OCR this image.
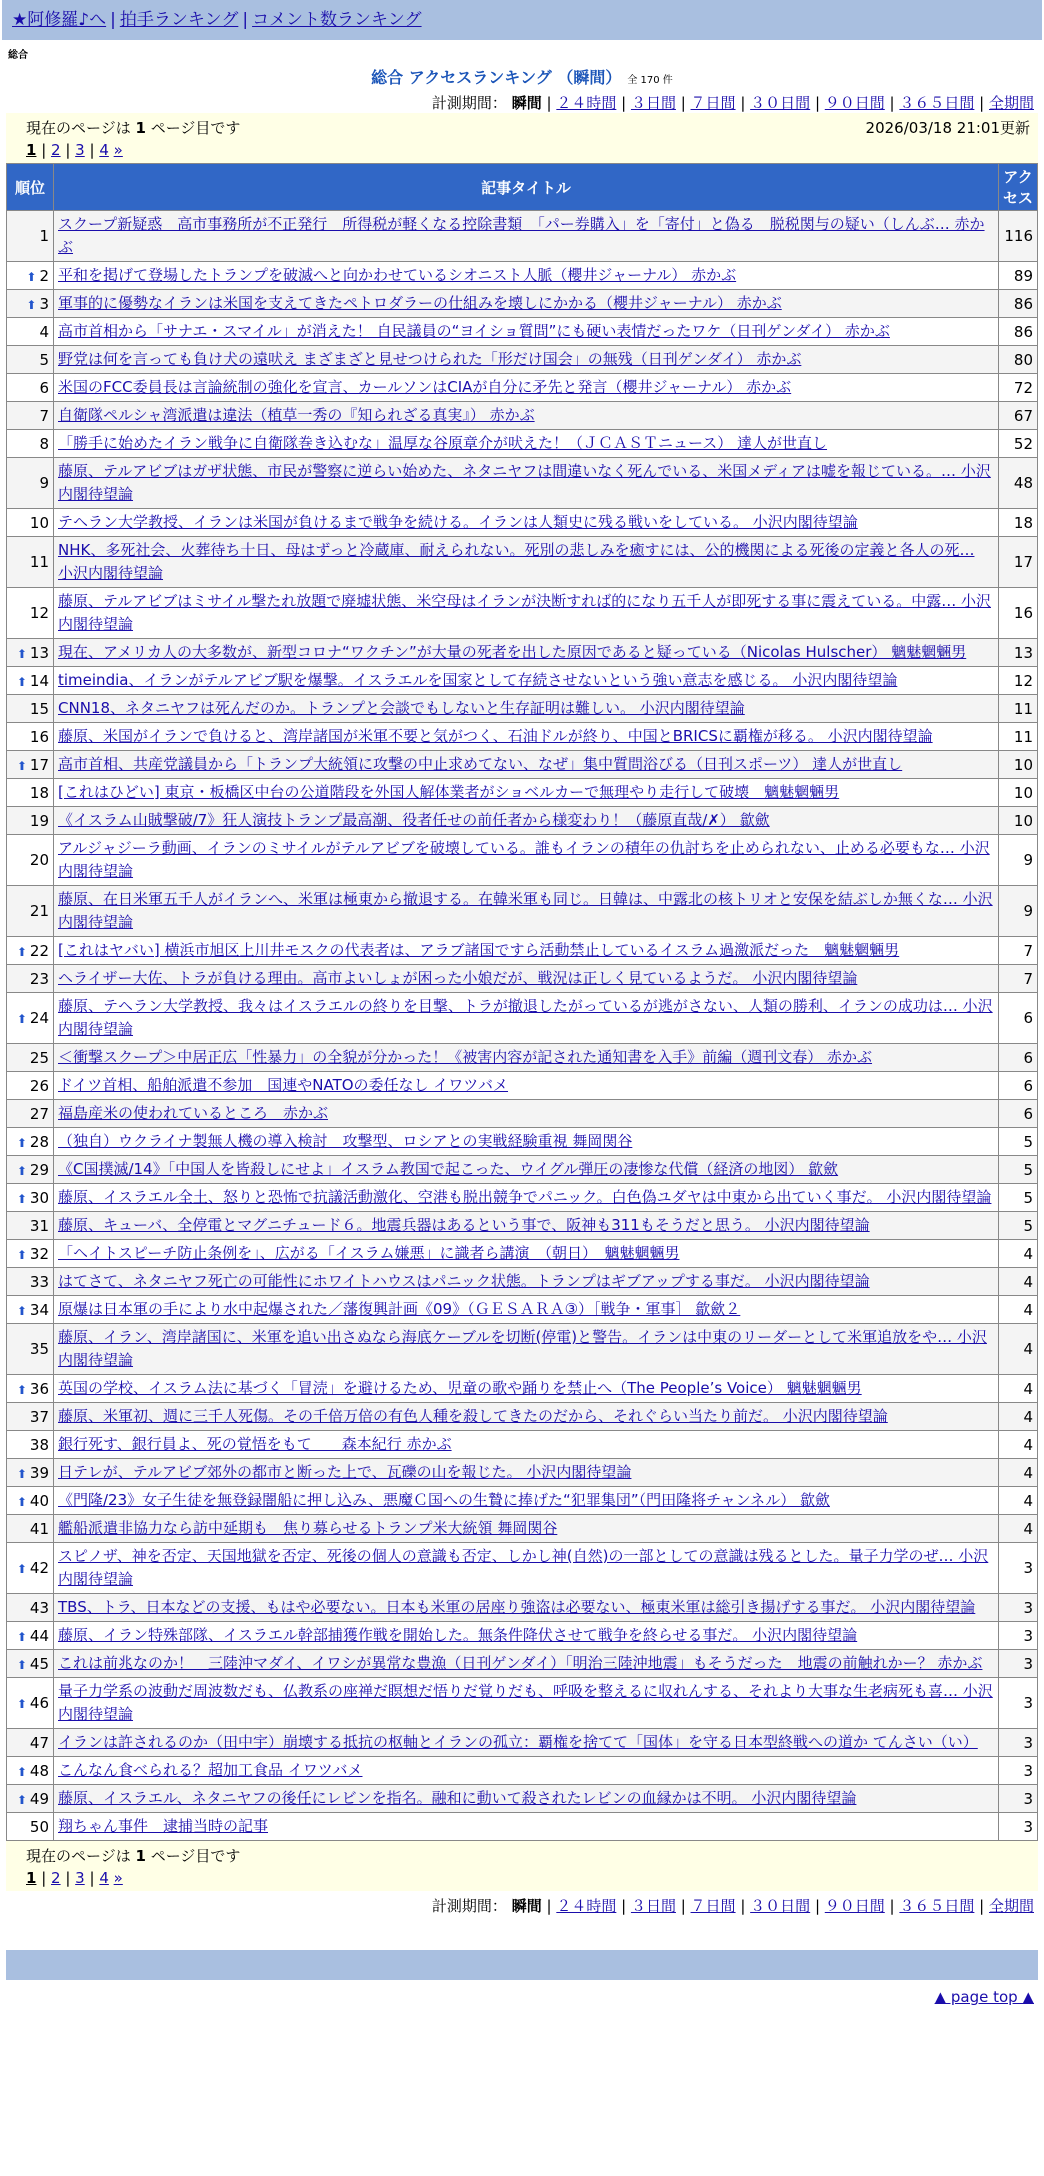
★阿修羅♪へ | 拍手ランキング | コメント数ランキング
総合
総合 アクセスランキング （瞬間） 全 170 件
計測期間： 瞬間 | ２４時間 | ３日間 | ７日間 | ３０日間 | ９０日間 | ３６５日間 | 全期間
現在のページは 1 ページ目です	2026/03/18 21:01更新
1 | 2 | 3 | 4 »
順位	記事タイトル	アクセス
1	スクープ新疑惑　高市事務所が不正発行　所得税が軽くなる控除書類　「パー券購入」を「寄付」と偽る　脱税関与の疑い（しんぶ… 赤かぶ	116
⬆ 2	平和を掲げて登場したトランプを破滅へと向かわせているシオニスト人脈（櫻井ジャーナル） 赤かぶ	89
⬆ 3	軍事的に優勢なイランは米国を支えてきたペトロダラーの仕組みを壊しにかかる（櫻井ジャーナル） 赤かぶ	86
4	高市首相から「サナエ・スマイル」が消えた！ 自民議員の“ヨイショ質問”にも硬い表情だったワケ（日刊ゲンダイ） 赤かぶ	86
5	野党は何を言っても負け犬の遠吠え まざまざと見せつけられた「形だけ国会」の無残（日刊ゲンダイ） 赤かぶ	80
6	米国のFCC委員長は言論統制の強化を宣言、カールソンはCIAが自分に矛先と発言（櫻井ジャーナル） 赤かぶ	72
7	自衛隊ペルシャ湾派遣は違法（植草一秀の『知られざる真実』） 赤かぶ	67
8	「勝手に始めたイラン戦争に自衛隊巻き込むな」温厚な谷原章介が吠えた！（ＪＣＡＳＴニュース） 達人が世直し	52
9	藤原、テルアビブはガザ状態、市民が警察に逆らい始めた、ネタニヤフは間違いなく死んでいる、米国メディアは嘘を報じている。… 小沢内閣待望論	48
10	テヘラン大学教授、イランは米国が負けるまで戦争を続ける。イランは人類史に残る戦いをしている。 小沢内閣待望論	18
11	NHK、多死社会、火葬待ち十日、母はずっと冷蔵庫、耐えられない。死別の悲しみを癒すには、公的機関による死後の定義と各人の死… 小沢内閣待望論	17
12	藤原、テルアビブはミサイル撃たれ放題で廃墟状態、米空母はイランが決断すれば的になり五千人が即死する事に震えている。中露… 小沢内閣待望論	16
⬆ 13	現在、アメリカ人の大多数が、新型コロナ“ワクチン”が大量の死者を出した原因であると疑っている（Nicolas Hulscher） 魑魅魍魎男	13
⬆ 14	timeindia、イランがテルアビブ駅を爆撃。イスラエルを国家として存続させないという強い意志を感じる。 小沢内閣待望論	12
15	CNN18、ネタニヤフは死んだのか。トランプと会談でもしないと生存証明は難しい。 小沢内閣待望論	11
16	藤原、米国がイランで負けると、湾岸諸国が米軍不要と気がつく、石油ドルが終り、中国とBRICSに覇権が移る。 小沢内閣待望論	11
⬆ 17	高市首相、共産党議員から「トランプ大統領に攻撃の中止求めてない、なぜ」集中質問浴びる（日刊スポーツ） 達人が世直し	10
18	[これはひどい] 東京・板橋区中台の公道階段を外国人解体業者がショベルカーで無理やり走行して破壊　魑魅魍魎男	10
19	《イスラム山賊撃破/7》狂人演技トランプ最高潮、役者任せの前任者から様変わり！（藤原直哉/✗） 歙歛	10
20	アルジャジーラ動画、イランのミサイルがテルアビブを破壊している。誰もイランの積年の仇討ちを止められない、止める必要もな… 小沢内閣待望論	9
21	藤原、在日米軍五千人がイランへ、米軍は極東から撤退する。在韓米軍も同じ。日韓は、中露北の核トリオと安保を結ぶしか無くな… 小沢内閣待望論	9
⬆ 22	[これはヤバい] 横浜市旭区上川井モスクの代表者は、アラブ諸国ですら活動禁止しているイスラム過激派だった　魑魅魍魎男	7
23	ヘライザー大佐、トラが負ける理由。高市よいしょが困った小娘だが、戦況は正しく見ているようだ。 小沢内閣待望論	7
⬆ 24	藤原、テヘラン大学教授、我々はイスラエルの終りを目撃、トラが撤退したがっているが逃がさない、人類の勝利、イランの成功は… 小沢内閣待望論	6
25	＜衝撃スクープ＞中居正広「性暴力」の全貌が分かった！《被害内容が記された通知書を入手》前編（週刊文春） 赤かぶ	6
26	ドイツ首相、船舶派遣不参加　国連やNATOの委任なし イワツバメ	6
27	福島産米の使われているところ　赤かぶ	6
⬆ 28	（独自）ウクライナ製無人機の導入検討　攻撃型、ロシアとの実戦経験重視 舞岡関谷	5
⬆ 29	《C国撲滅/14》「中国人を皆殺しにせよ」イスラム教国で起こった、ウイグル弾圧の凄惨な代償（経済の地図） 歙歛	5
⬆ 30	藤原、イスラエル全土、怒りと恐怖で抗議活動激化、空港も脱出競争でパニック。白色偽ユダヤは中東から出ていく事だ。 小沢内閣待望論	5
31	藤原、キューバ、全停電とマグニチュード６。地震兵器はあるという事で、阪神も311もそうだと思う。 小沢内閣待望論	5
⬆ 32	「ヘイトスピーチ防止条例を」、広がる「イスラム嫌悪」に識者ら講演　（朝日）　魑魅魍魎男	4
33	はてさて、ネタニヤフ死亡の可能性にホワイトハウスはパニック状態。トランプはギブアップする事だ。 小沢内閣待望論	4
⬆ 34	原爆は日本軍の手により水中起爆された／藩復興計画《09》（ＧＥＳＡＲＡ③）［戦争・軍事］ 歙歛２	4
35	藤原、イラン、湾岸諸国に、米軍を追い出さぬなら海底ケーブルを切断(停電)と警告。イランは中東のリーダーとして米軍追放をや… 小沢内閣待望論	4
⬆ 36	英国の学校、イスラム法に基づく「冒涜」を避けるため、児童の歌や踊りを禁止へ（The People’s Voice） 魑魅魍魎男	4
37	藤原、米軍初、週に三千人死傷。その千倍万倍の有色人種を殺してきたのだから、それぐらい当たり前だ。 小沢内閣待望論	4
38	銀行死す、銀行員よ、死の覚悟をもて　　森本紀行 赤かぶ	4
⬆ 39	日テレが、テルアビブ郊外の都市と断った上で、瓦礫の山を報じた。 小沢内閣待望論	4
⬆ 40	《門隆/23》女子生徒を無登録闇船に押し込み、悪魔Ｃ国への生贄に捧げた“犯罪集団”（門田隆将チャンネル） 歙歛	4
41	艦船派遣非協力なら訪中延期も　焦り募らせるトランプ米大統領 舞岡関谷	4
⬆ 42	スピノザ、神を否定、天国地獄を否定、死後の個人の意識も否定、しかし神(自然)の一部としての意識は残るとした。量子力学のぜ… 小沢内閣待望論	3
43	TBS、トラ、日本などの支援、もはや必要ない。日本も米軍の居座り強盗は必要ない、極東米軍は総引き揚げする事だ。 小沢内閣待望論	3
⬆ 44	藤原、イラン特殊部隊、イスラエル幹部捕獲作戦を開始した。無条件降伏させて戦争を終らせる事だ。 小沢内閣待望論	3
⬆ 45	これは前兆なのか！　三陸沖マダイ、イワシが異常な豊漁（日刊ゲンダイ）「明治三陸沖地震」もそうだった　地震の前触れかー？ 赤かぶ	3
⬆ 46	量子力学系の波動だ周波数だも、仏教系の座禅だ瞑想だ悟りだ覚りだも、呼吸を整えるに収れんする、それより大事な生老病死も喜… 小沢内閣待望論	3
47	イランは許されるのか（田中宇）崩壊する抵抗の枢軸とイランの孤立：覇権を捨てて「国体」を守る日本型終戦への道か てんさい（い）	3
⬆ 48	こんなん食べられる？超加工食品 イワツバメ	3
⬆ 49	藤原、イスラエル、ネタニヤフの後任にレビンを指名。融和に動いて殺されたレビンの血縁かは不明。 小沢内閣待望論	3
50	翔ちゃん事件　逮捕当時の記事	3
現在のページは 1 ページ目です
1 | 2 | 3 | 4 »
計測期間： 瞬間 | ２４時間 | ３日間 | ７日間 | ３０日間 | ９０日間 | ３６５日間 | 全期間
▲ page top ▲
